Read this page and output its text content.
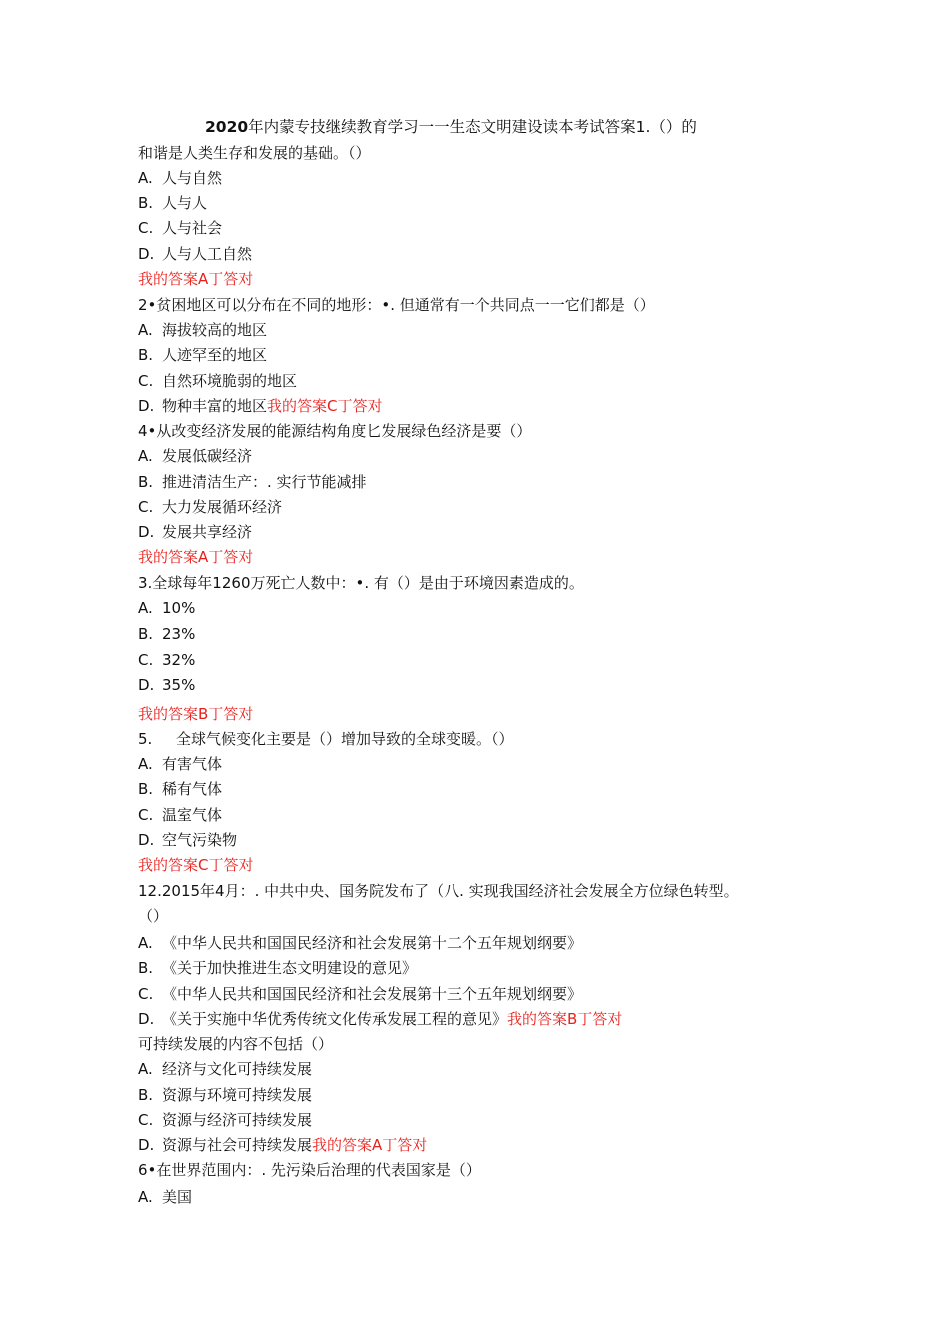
2020年内蒙专技继续教育学习一一生态文明建设读本考试答案1.（）的
和谐是人类生存和发展的基础。（）
A. 人与自然
B. 人与人
C. 人与社会
D. 人与人工自然
我的答案A丁答对
2•贫困地区可以分布在不同的地形：•. 但通常有一个共同点一一它们都是（）
A. 海拔较高的地区
B. 人迹罕至的地区
C. 自然环境脆弱的地区
D. 物种丰富的地区我的答案C丁答对
4•从改变经济发展的能源结构角度匕发展绿色经济是要（）
A. 发展低碳经济
B. 推进清洁生产：. 实行节能减排
C. 大力发展循环经济
D. 发展共享经济
我的答案A丁答对
3.全球每年1260万死亡人数中：•. 有（）是由于环境因素造成的。
A. 10%
B. 23%
C. 32%
D. 35%
我的答案B丁答对
5. 全球气候变化主要是（）增加导致的全球变暖。（）
A. 有害气体
B. 稀有气体
C. 温室气体
D. 空气污染物
我的答案C丁答对
12.2015年4月：. 中共中央、国务院发布了（八. 实现我国经济社会发展全方位绿色转型。
（）
A. 《中华人民共和国国民经济和社会发展第十二个五年规划纲要》
B. 《关于加快推进生态文明建设的意见》
C. 《中华人民共和国国民经济和社会发展第十三个五年规划纲要》
D. 《关于实施中华优秀传统文化传承发展工程的意见》我的答案B丁答对
可持续发展的内容不包括（）
A. 经济与文化可持续发展
B. 资源与环境可持续发展
C. 资源与经济可持续发展
D. 资源与社会可持续发展我的答案A丁答对
6•在世界范围内：. 先污染后治理的代表国家是（）
A. 美国
